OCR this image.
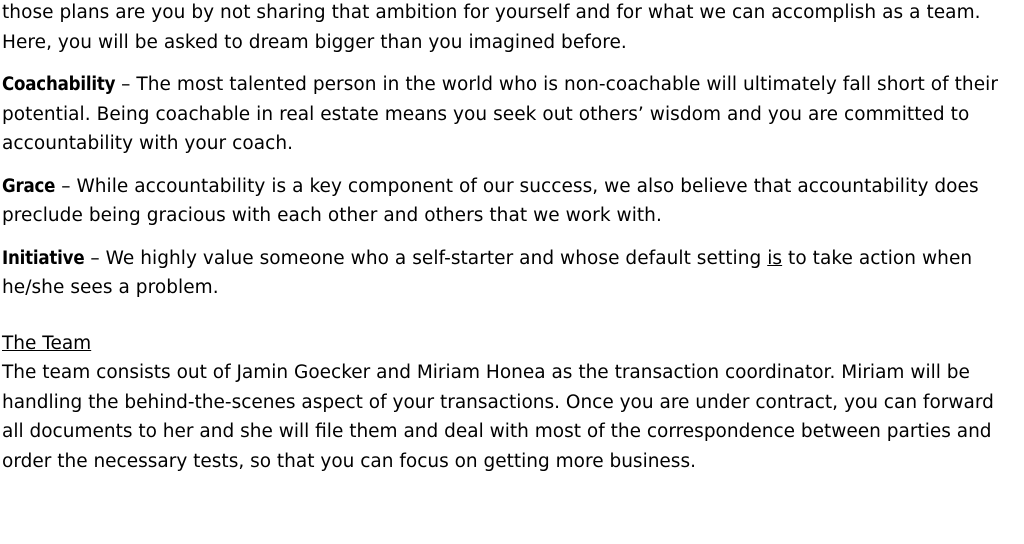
those plans are you by not sharing that ambition for yourself and for what we can accomplish as a team. Here, you will be asked to dream bigger than you imagined before.

Coachability – The most talented person in the world who is non-coachable will ultimately fall short of their potential. Being coachable in real estate means you seek out others’ wisdom and you are committed to accountability with your coach.

Grace – While accountability is a key component of our success, we also believe that accountability does preclude being gracious with each other and others that we work with.

Initiative – We highly value someone who a self-starter and whose default setting is to take action when he/she sees a problem.

The Team

The team consists out of Jamin Goecker and Miriam Honea as the transaction coordinator. Miriam will be handling the behind-the-scenes aspect of your transactions. Once you are under contract, you can forward all documents to her and she will file them and deal with most of the correspondence between parties and order the necessary tests, so that you can focus on getting more business.
